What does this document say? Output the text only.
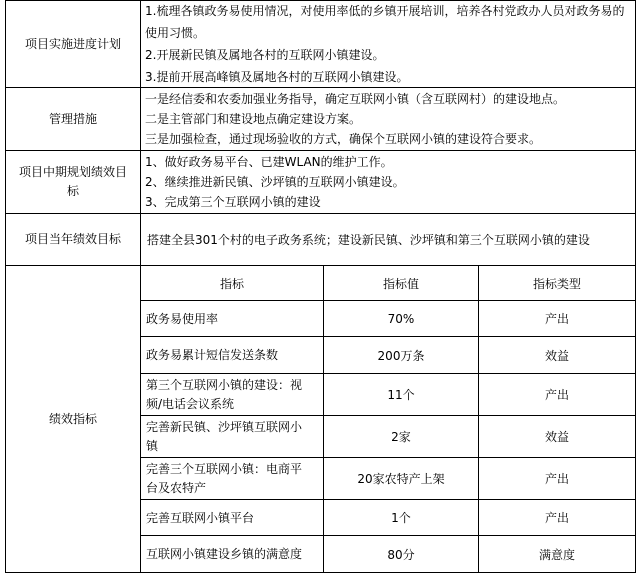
项目实施进度计划
1.梳理各镇政务易使用情况，对使用率低的乡镇开展培训，培养各村党政办人员对政务易的
使用习惯。
2.开展新民镇及属地各村的互联网小镇建设。
3.提前开展高峰镇及属地各村的互联网小镇建设。
管理措施
一是经信委和农委加强业务指导，确定互联网小镇（含互联网村）的建设地点。
二是主管部门和建设地点确定建设方案。
三是加强检查，通过现场验收的方式，确保个互联网小镇的建设符合要求。
项目中期规划绩效目
标
1、做好政务易平台、已建WLAN的维护工作。
2、继续推进新民镇、沙坪镇的互联网小镇建设。
3、完成第三个互联网小镇的建设
项目当年绩效目标 搭建全县301个村的电子政务系统；建设新民镇、沙坪镇和第三个互联网小镇的建设
绩效指标
指标	指标值	指标类型
政务易使用率	70%	产出
政务易累计短信发送条数	200万条	效益
第三个互联网小镇的建设：视
频/电话会议系统
11个	产出
完善新民镇、沙坪镇互联网小
镇
2家	效益
完善三个互联网小镇：电商平
台及农特产
20家农特产上架	产出
完善互联网小镇平台	1个	产出
互联网小镇建设乡镇的满意度	80分	满意度
